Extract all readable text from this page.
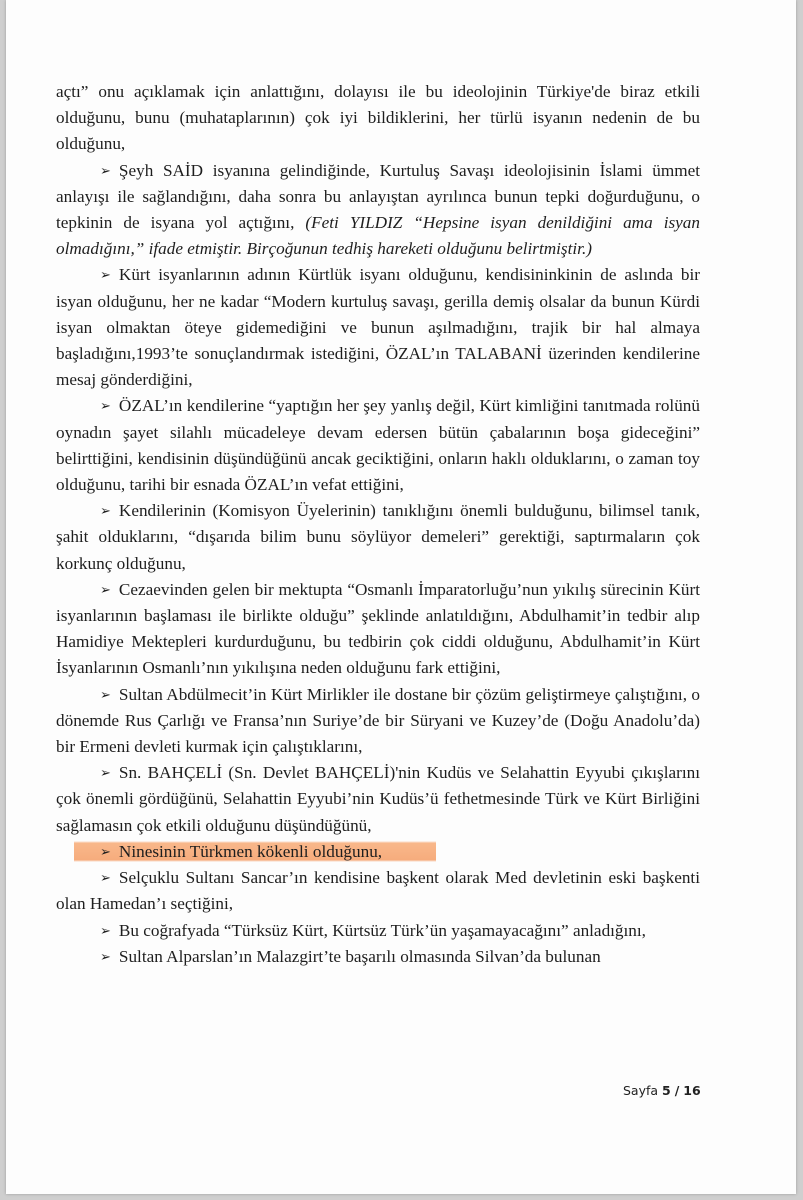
açtı” onu açıklamak için anlattığını, dolayısı ile bu ideolojinin Türkiye'de biraz etkili olduğunu, bunu (muhataplarının) çok iyi bildiklerini, her türlü isyanın nedenin de bu olduğunu,

➢ Şeyh SAİD isyanına gelindiğinde, Kurtuluş Savaşı ideolojisinin İslami ümmet anlayışı ile sağlandığını, daha sonra bu anlayıştan ayrılınca bunun tepki doğurduğunu, o tepkinin de isyana yol açtığını, (Feti YILDIZ “Hepsine isyan denildiğini ama isyan olmadığını,” ifade etmiştir. Birçoğunun tedhiş hareketi olduğunu belirtmiştir.)

➢ Kürt isyanlarının adının Kürtlük isyanı olduğunu, kendisininkinin de aslında bir isyan olduğunu, her ne kadar “Modern kurtuluş savaşı, gerilla demiş olsalar da bunun Kürdi isyan olmaktan öteye gidemediğini ve bunun aşılmadığını, trajik bir hal almaya başladığını,1993’te sonuçlandırmak istediğini, ÖZAL’ın TALABANİ üzerinden kendilerine mesaj gönderdiğini,

➢ ÖZAL’ın kendilerine “yaptığın her şey yanlış değil, Kürt kimliğini tanıtmada rolünü oynadın şayet silahlı mücadeleye devam edersen bütün çabalarının boşa gideceğini” belirttiğini, kendisinin düşündüğünü ancak geciktiğini, onların haklı olduklarını, o zaman toy olduğunu, tarihi bir esnada ÖZAL’ın vefat ettiğini,

➢ Kendilerinin (Komisyon Üyelerinin) tanıklığını önemli bulduğunu, bilimsel tanık, şahit olduklarını, “dışarıda bilim bunu söylüyor demeleri” gerektiği, saptırmaların çok korkunç olduğunu,

➢ Cezaevinden gelen bir mektupta “Osmanlı İmparatorluğu’nun yıkılış sürecinin Kürt isyanlarının başlaması ile birlikte olduğu” şeklinde anlatıldığını, Abdulhamit’in tedbir alıp Hamidiye Mektepleri kurdurduğunu, bu tedbirin çok ciddi olduğunu, Abdulhamit’in Kürt İsyanlarının Osmanlı’nın yıkılışına neden olduğunu fark ettiğini,

➢ Sultan Abdülmecit’in Kürt Mirlikler ile dostane bir çözüm geliştirmeye çalıştığını, o dönemde Rus Çarlığı ve Fransa’nın Suriye’de bir Süryani ve Kuzey’de (Doğu Anadolu’da) bir Ermeni devleti kurmak için çalıştıklarını,

➢ Sn. BAHÇELİ (Sn. Devlet BAHÇELİ)'nin Kudüs ve Selahattin Eyyubi çıkışlarını çok önemli gördüğünü, Selahattin Eyyubi’nin Kudüs’ü fethetmesinde Türk ve Kürt Birliğini sağlamasın çok etkili olduğunu düşündüğünü,

➢ Ninesinin Türkmen kökenli olduğunu,

➢ Selçuklu Sultanı Sancar’ın kendisine başkent olarak Med devletinin eski başkenti olan Hamedan’ı seçtiğini,

➢ Bu coğrafyada “Türksüz Kürt, Kürtsüz Türk’ün yaşamayacağını” anladığını,

➢ Sultan Alparslan’ın Malazgirt’te başarılı olmasında Silvan’da bulunan

Sayfa 5 / 16
